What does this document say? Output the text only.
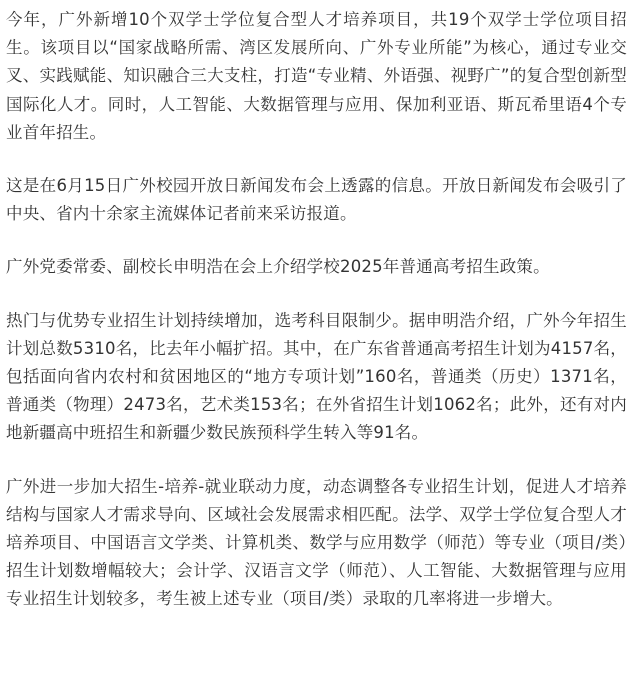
今年，广外新增10个双学士学位复合型人才培养项目，共19个双学士学位项目招生。该项目以“国家战略所需、湾区发展所向、广外专业所能”为核心，通过专业交叉、实践赋能、知识融合三大支柱，打造“专业精、外语强、视野广”的复合型创新型国际化人才。同时，人工智能、大数据管理与应用、保加利亚语、斯瓦希里语4个专业首年招生。

这是在6月15日广外校园开放日新闻发布会上透露的信息。开放日新闻发布会吸引了中央、省内十余家主流媒体记者前来采访报道。

广外党委常委、副校长申明浩在会上介绍学校2025年普通高考招生政策。

热门与优势专业招生计划持续增加，选考科目限制少。据申明浩介绍，广外今年招生计划总数5310名，比去年小幅扩招。其中，在广东省普通高考招生计划为4157名，包括面向省内农村和贫困地区的“地方专项计划”160名，普通类（历史）1371名，普通类（物理）2473名，艺术类153名；在外省招生计划1062名；此外，还有对内地新疆高中班招生和新疆少数民族预科学生转入等91名。

广外进一步加大招生-培养-就业联动力度，动态调整各专业招生计划，促进人才培养结构与国家人才需求导向、区域社会发展需求相匹配。法学、双学士学位复合型人才培养项目、中国语言文学类、计算机类、数学与应用数学（师范）等专业（项目/类）招生计划数增幅较大；会计学、汉语言文学（师范）、人工智能、大数据管理与应用专业招生计划较多，考生被上述专业（项目/类）录取的几率将进一步增大。
